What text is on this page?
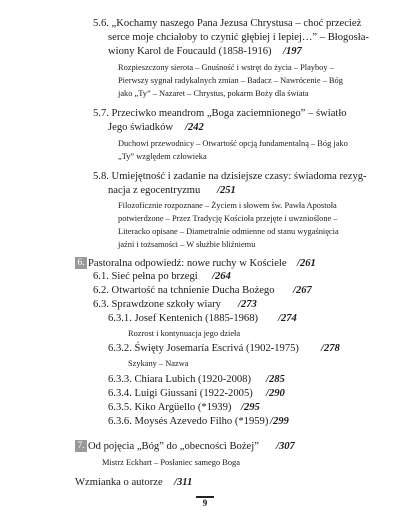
5.6. „Kochamy naszego Pana Jezusa Chrystusa – choć przecież
serce moje chciałoby to czynić głębiej i lepiej…” – Błogosła-
wiony Karol de Foucauld (1858-1916) /197
Rozpieszczony sierota – Gnuśność i wstręt do życia – Playboy –
Pierwszy sygnał radykalnych zmian – Badacz – Nawrócenie – Bóg
jako „Ty” – Nazaret – Chrystus, pokarm Boży dla świata
5.7. Przeciwko meandrom „Boga zaciemnionego” – światło
Jego świadków /242
Duchowi przewodnicy – Otwartość opcją fundamentalną – Bóg jako
„Ty” względem człowieka
5.8. Umiejętność i zadanie na dzisiejsze czasy: świadoma rezyg-
nacja z egocentryzmu /251
Filozoficznie rozpoznane – Życiem i słowem św. Pawła Apostoła
potwierdzone – Przez Tradycję Kościoła przejęte i uwznioślone –
Literacko opisane – Diametralnie odmienne od stanu wygaśnięcia
jaźni i tożsamości – W służbie bliźniemu
6. Pastoralna odpowiedź: nowe ruchy w Kościele /261
6.1. Sieć pełna po brzegi /264
6.2. Otwartość na tchnienie Ducha Bożego /267
6.3. Sprawdzone szkoły wiary /273
6.3.1. Josef Kentenich (1885-1968) /274
Rozrost i kontynuacja jego dzieła
6.3.2. Święty Josemaría Escrivá (1902-1975) /278
Szykany – Nazwa
6.3.3. Chiara Lubich (1920-2008) /285
6.3.4. Luigi Giussani (1922-2005) /290
6.3.5. Kiko Argüello (*1939) /295
6.3.6. Moysés Azevedo Filho (*1959) /299
7. Od pojęcia „Bóg” do „obecności Bożej” /307
Mistrz Eckhart – Posłaniec samego Boga
Wzmianka o autorze /311
9
